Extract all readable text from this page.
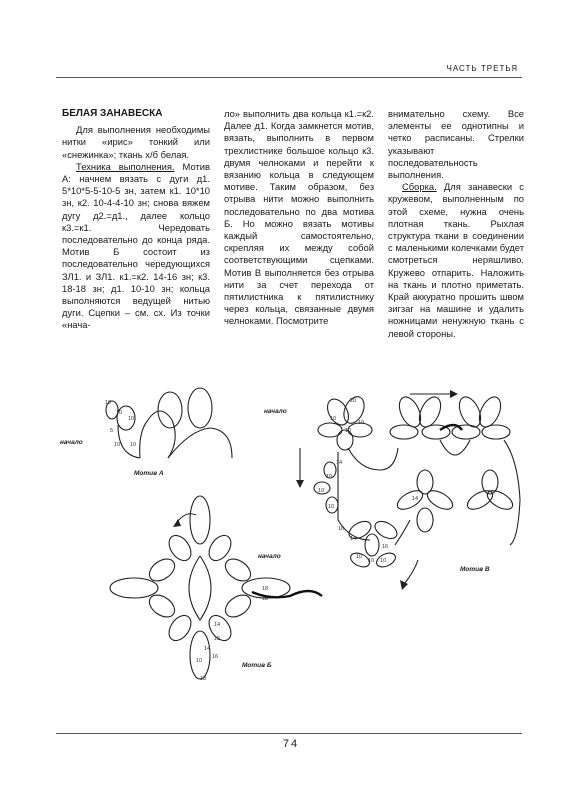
ЧАСТЬ ТРЕТЬЯ
БЕЛАЯ ЗАНАВЕСКА

Для выполнения необходимы нитки «ирис» тонкий или «снежинка»; ткань х/б белая.

Техника выполнения. Мотив А: начнем вязать с дуги д1. 5*10*5-5-10-5 зн, затем к1. 10*10 зн, к2. 10-4-4-10 зн; снова вяжем дугу д2.=д1., далее кольцо к3.=к1. Чередовать последовательно до конца ряда. Мотив Б состоит из последовательно чередующихся ЗЛ1. и ЗЛ1. к1.=к2. 14-16 зн; к3. 18-18 зн; д1. 10-10 зн; кольца выполняются ведущей нитью дуги. Сцепки – см. сх. Из точки «нача-

ло» выполнить два кольца к1.=к2. Далее д1. Когда замкнется мотив, вязать, выполнить в первом трехлистнике большое кольцо к3. двумя челноками и перейти к вязанию кольца в следующем мотиве. Таким образом, без отрыва нити можно выполнить последовательно по два мотива Б. Но можно вязать мотивы каждый самостоятельно, скрепляя их между собой соответствующими сцепками. Мотив В выполняется без отрыва нити за счет перехода от пятилистника к пятилистнику через кольца, связанные двумя челноками. Посмотрите

внимательно схему. Все элементы ее однотипны и четко расписаны. Стрелки указывают последовательность выполнения.

Сборка. Для занавески с кружевом, выполненным по этой схеме, нужна очень плотная ткань. Рыхлая структура ткани в соединении с маленькими колечками будет смотреться неряшливо. Кружево отпарить. Наложить на ткань и плотно приметать. Край аккуратно прошить швом зигзаг на машине и удалить ножницами ненужную ткань с левой стороны.

начало
10
10
10
5
10 10
Мотив А
начало
18
18
14
16
14
16
10
18
Мотив Б
начало
20
10
10
10
14
10
14
10
10
16
14
16
10
10 10
Мотив В
74
